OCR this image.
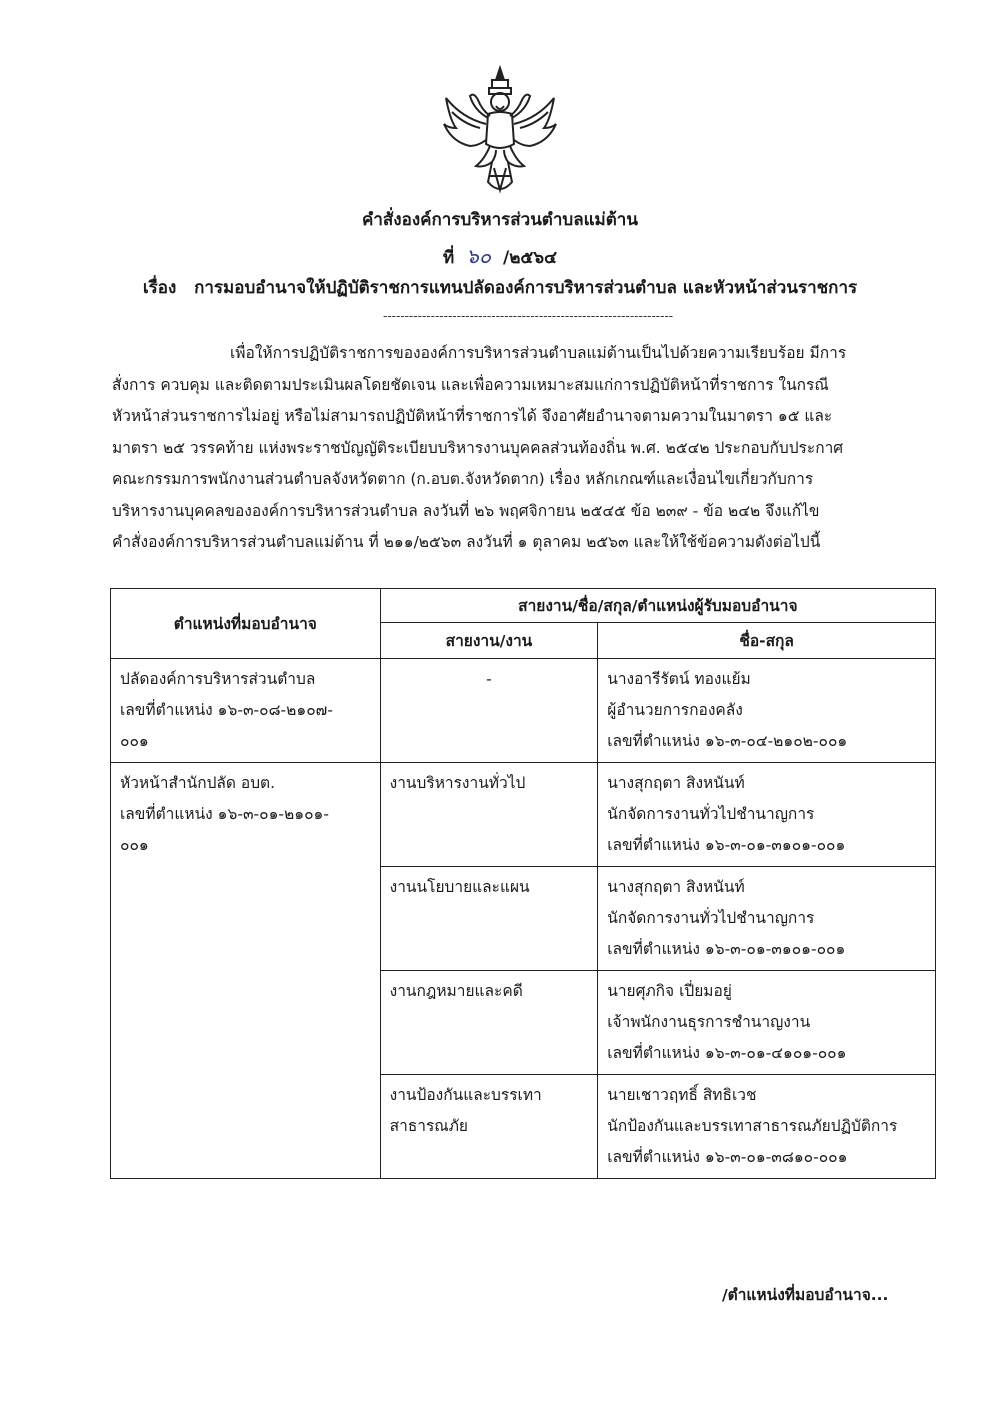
คำสั่งองค์การบริหารส่วนตำบลแม่ต้าน
ที่ ๖๐ /๒๕๖๔
เรื่อง การมอบอำนาจให้ปฏิบัติราชการแทนปลัดองค์การบริหารส่วนตำบล และหัวหน้าส่วนราชการ
-------------------------------------------------------------------
เพื่อให้การปฏิบัติราชการขององค์การบริหารส่วนตำบลแม่ต้านเป็นไปด้วยความเรียบร้อย มีการ
สั่งการ ควบคุม และติดตามประเมินผลโดยชัดเจน และเพื่อความเหมาะสมแก่การปฏิบัติหน้าที่ราชการ ในกรณี
หัวหน้าส่วนราชการไม่อยู่ หรือไม่สามารถปฏิบัติหน้าที่ราชการได้ จึงอาศัยอำนาจตามความในมาตรา ๑๕ และ
มาตรา ๒๕ วรรคท้าย แห่งพระราชบัญญัติระเบียบบริหารงานบุคคลส่วนท้องถิ่น พ.ศ. ๒๕๔๒ ประกอบกับประกาศ
คณะกรรมการพนักงานส่วนตำบลจังหวัดตาก (ก.อบต.จังหวัดตาก) เรื่อง หลักเกณฑ์และเงื่อนไขเกี่ยวกับการ
บริหารงานบุคคลขององค์การบริหารส่วนตำบล ลงวันที่ ๒๖ พฤศจิกายน ๒๕๔๕ ข้อ ๒๓๙ - ข้อ ๒๔๒ จึงแก้ไข
คำสั่งองค์การบริหารส่วนตำบลแม่ต้าน ที่ ๒๑๑/๒๕๖๓ ลงวันที่ ๑ ตุลาคม ๒๕๖๓ และให้ใช้ข้อความดังต่อไปนี้
ตำแหน่งที่มอบอำนาจ	สายงาน/ชื่อ/สกุล/ตำแหน่งผู้รับมอบอำนาจ	
	สายงาน/งาน	ชื่อ-สกุล

ปลัดองค์การบริหารส่วนตำบล
เลขที่ตำแหน่ง ๑๖-๓-๐๘-๒๑๐๗-
๐๐๑	-	นางอารีรัตน์ ทองแย้ม
ผู้อำนวยการกองคลัง
เลขที่ตำแหน่ง ๑๖-๓-๐๔-๒๑๐๒-๐๐๑

หัวหน้าสำนักปลัด อบต.
เลขที่ตำแหน่ง ๑๖-๓-๐๑-๒๑๐๑-
๐๐๑	งานบริหารงานทั่วไป	นางสุกฤตา สิงหนันท์
นักจัดการงานทั่วไปชำนาญการ
เลขที่ตำแหน่ง ๑๖-๓-๐๑-๓๑๐๑-๐๐๑

	งานนโยบายและแผน	นางสุกฤตา สิงหนันท์
นักจัดการงานทั่วไปชำนาญการ
เลขที่ตำแหน่ง ๑๖-๓-๐๑-๓๑๐๑-๐๐๑

	งานกฎหมายและคดี	นายศุภกิจ เปี่ยมอยู่
เจ้าพนักงานธุรการชำนาญงาน
เลขที่ตำแหน่ง ๑๖-๓-๐๑-๔๑๐๑-๐๐๑

	งานป้องกันและบรรเทา
สาธารณภัย	นายเชาวฤทธิ์ สิทธิเวช
นักป้องกันและบรรเทาสาธารณภัยปฏิบัติการ
เลขที่ตำแหน่ง ๑๖-๓-๐๑-๓๘๑๐-๐๐๑
/ตำแหน่งที่มอบอำนาจ...
